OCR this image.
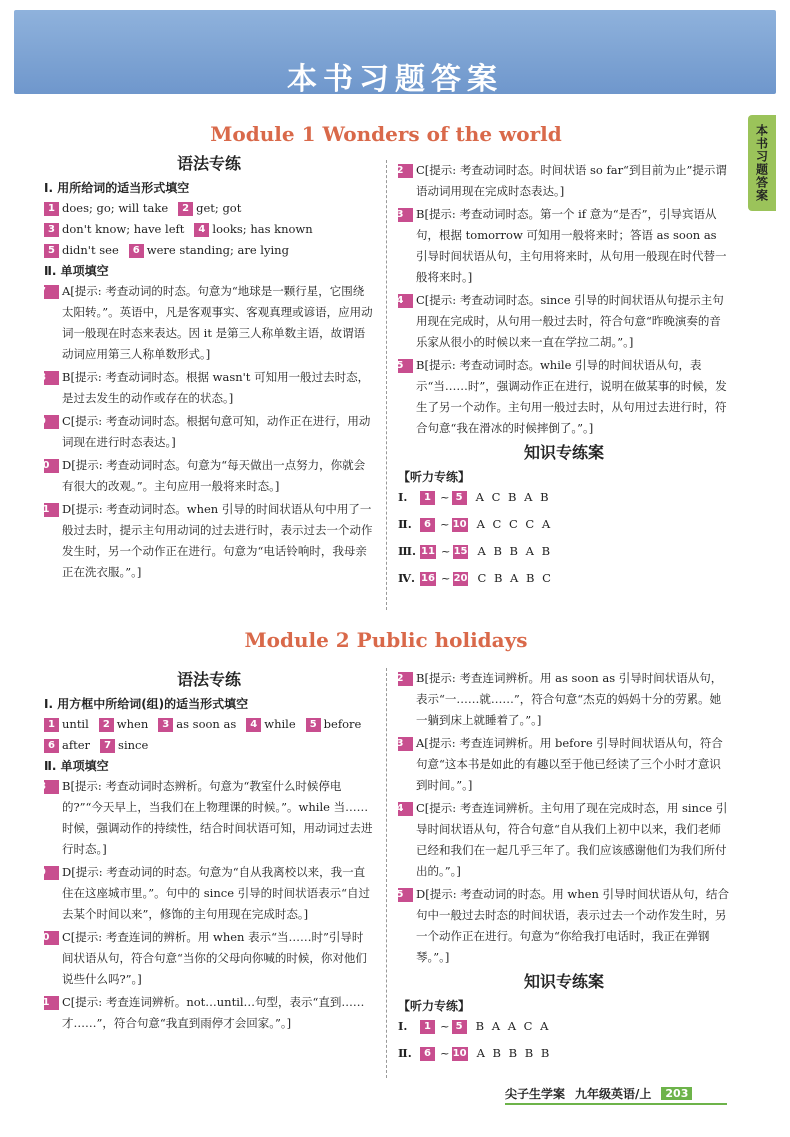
本书习题答案
本书习题答案
Module 1 Wonders of the world
语法专练
Ⅰ. 用所给词的适当形式填空
1 does; go; will take 2 get; got3 don't know; have left 4 looks; has known5 didn't see 6 were standing; are lying
Ⅱ. 单项填空
7 A[提示: 考查动词的时态。句意为“地球是一颗行星，它围绕太阳转。”。英语中，凡是客观事实、客观真理或谚语，应用动词一般现在时态来表达。因 it 是第三人称单数主语，故谓语动词应用第三人称单数形式。]
8 B[提示: 考查动词时态。根据 wasn't 可知用一般过去时态，是过去发生的动作或存在的状态。]
9 C[提示: 考查动词时态。根据句意可知，动作正在进行，用动词现在进行时态表达。]
10 D[提示: 考查动词时态。句意为“每天做出一点努力，你就会有很大的改观。”。主句应用一般将来时态。]
11 D[提示: 考查动词时态。when 引导的时间状语从句中用了一般过去时，提示主句用动词的过去进行时，表示过去一个动作发生时，另一个动作正在进行。句意为“电话铃响时，我母亲正在洗衣服。”。]
12 C[提示: 考查动词时态。时间状语 so far“到目前为止”提示谓语动词用现在完成时态表达。]
13 B[提示: 考查动词时态。第一个 if 意为“是否”，引导宾语从句，根据 tomorrow 可知用一般将来时；答语 as soon as 引导时间状语从句，主句用将来时，从句用一般现在时代替一般将来时。]
14 C[提示: 考查动词时态。since 引导的时间状语从句提示主句用现在完成时，从句用一般过去时，符合句意“昨晚演奏的音乐家从很小的时候以来一直在学拉二胡。”。]
15 B[提示: 考查动词时态。while 引导的时间状语从句，表示“当……时”，强调动作正在进行，说明在做某事的时候，发生了另一个动作。主句用一般过去时，从句用过去进行时，符合句意“我在滑冰的时候摔倒了。”。]
知识专练案
【听力专练】
Ⅰ. 1 ~ 5 A C B A B
Ⅱ. 6 ~ 10 A C C C A
Ⅲ. 11 ~ 15 A B B A B
Ⅳ. 16 ~ 20 C B A B C
Module 2 Public holidays
语法专练
Ⅰ. 用方框中所给词(组)的适当形式填空
1 until 2 when 3 as soon as 4 while 5 before6 after 7 since
Ⅱ. 单项填空
8 B[提示: 考查动词时态辨析。句意为“教室什么时候停电的?”“今天早上，当我们在上物理课的时候。”。while 当……时候，强调动作的持续性，结合时间状语可知，用动词过去进行时态。]
9 D[提示: 考查动词的时态。句意为“自从我离校以来，我一直住在这座城市里。”。句中的 since 引导的时间状语表示“自过去某个时间以来”，修饰的主句用现在完成时态。]
10 C[提示: 考查连词的辨析。用 when 表示“当……时”引导时间状语从句，符合句意“当你的父母向你喊的时候，你对他们说些什么吗?”。]
11 C[提示: 考查连词辨析。not…until…句型，表示“直到……才……”，符合句意“我直到雨停才会回家。”。]
12 B[提示: 考查连词辨析。用 as soon as 引导时间状语从句，表示“一……就……”，符合句意“杰克的妈妈十分的劳累。她一躺到床上就睡着了。”。]
13 A[提示: 考查连词辨析。用 before 引导时间状语从句，符合句意“这本书是如此的有趣以至于他已经读了三个小时才意识到时间。”。]
14 C[提示: 考查连词辨析。主句用了现在完成时态，用 since 引导时间状语从句，符合句意“自从我们上初中以来，我们老师已经和我们在一起几乎三年了。我们应该感谢他们为我们所付出的。”。]
15 D[提示: 考查动词的时态。用 when 引导时间状语从句，结合句中一般过去时态的时间状语，表示过去一个动作发生时，另一个动作正在进行。句意为“你给我打电话时，我正在弹钢琴。”。]
知识专练案
【听力专练】
Ⅰ. 1 ~ 5 B A A C A
Ⅱ. 6 ~ 10 A B B B B
尖子生学案 九年级英语/上	203
